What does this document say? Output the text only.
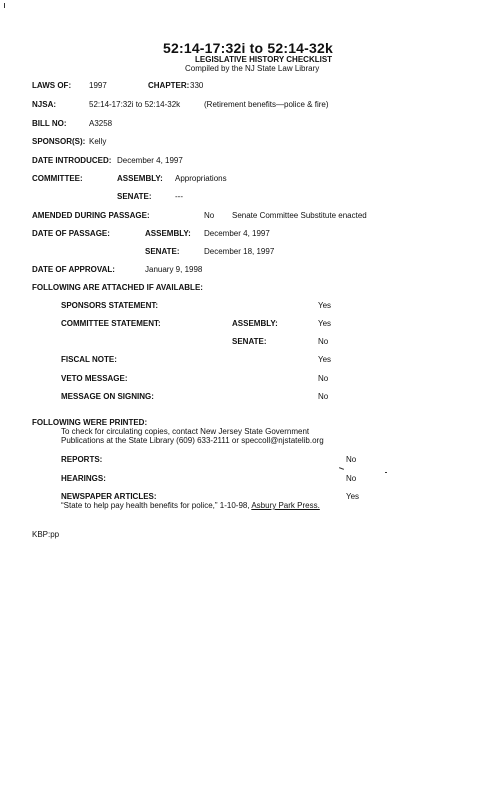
52:14-17:32i to 52:14-32k
LEGISLATIVE HISTORY CHECKLIST
Compiled by the NJ State Law Library
LAWS OF: 1997	CHAPTER: 330
NJSA:	52:14-17:32i to 52:14-32k	(Retirement benefits—police & fire)
BILL NO:	A3258
SPONSOR(S): Kelly
DATE INTRODUCED: December 4, 1997
COMMITTEE:	ASSEMBLY: Appropriations
SENATE:	---
AMENDED DURING PASSAGE:	No Senate Committee Substitute enacted
DATE OF PASSAGE:	ASSEMBLY: December 4, 1997
SENATE:	December 18, 1997
DATE OF APPROVAL:	January 9, 1998
FOLLOWING ARE ATTACHED IF AVAILABLE:
SPONSORS STATEMENT:	Yes
COMMITTEE STATEMENT:	ASSEMBLY:	Yes
SENATE:	No
FISCAL NOTE:	Yes
VETO MESSAGE:	No
MESSAGE ON SIGNING:	No
FOLLOWING WERE PRINTED:
To check for circulating copies, contact New Jersey State Government
Publications at the State Library (609) 633-2111 or speccoll@njstatelib.org
REPORTS:	No
HEARINGS:	No
NEWSPAPER ARTICLES:	Yes
“State to help pay health benefits for police,” 1-10-98, Asbury Park Press.
KBP:pp
